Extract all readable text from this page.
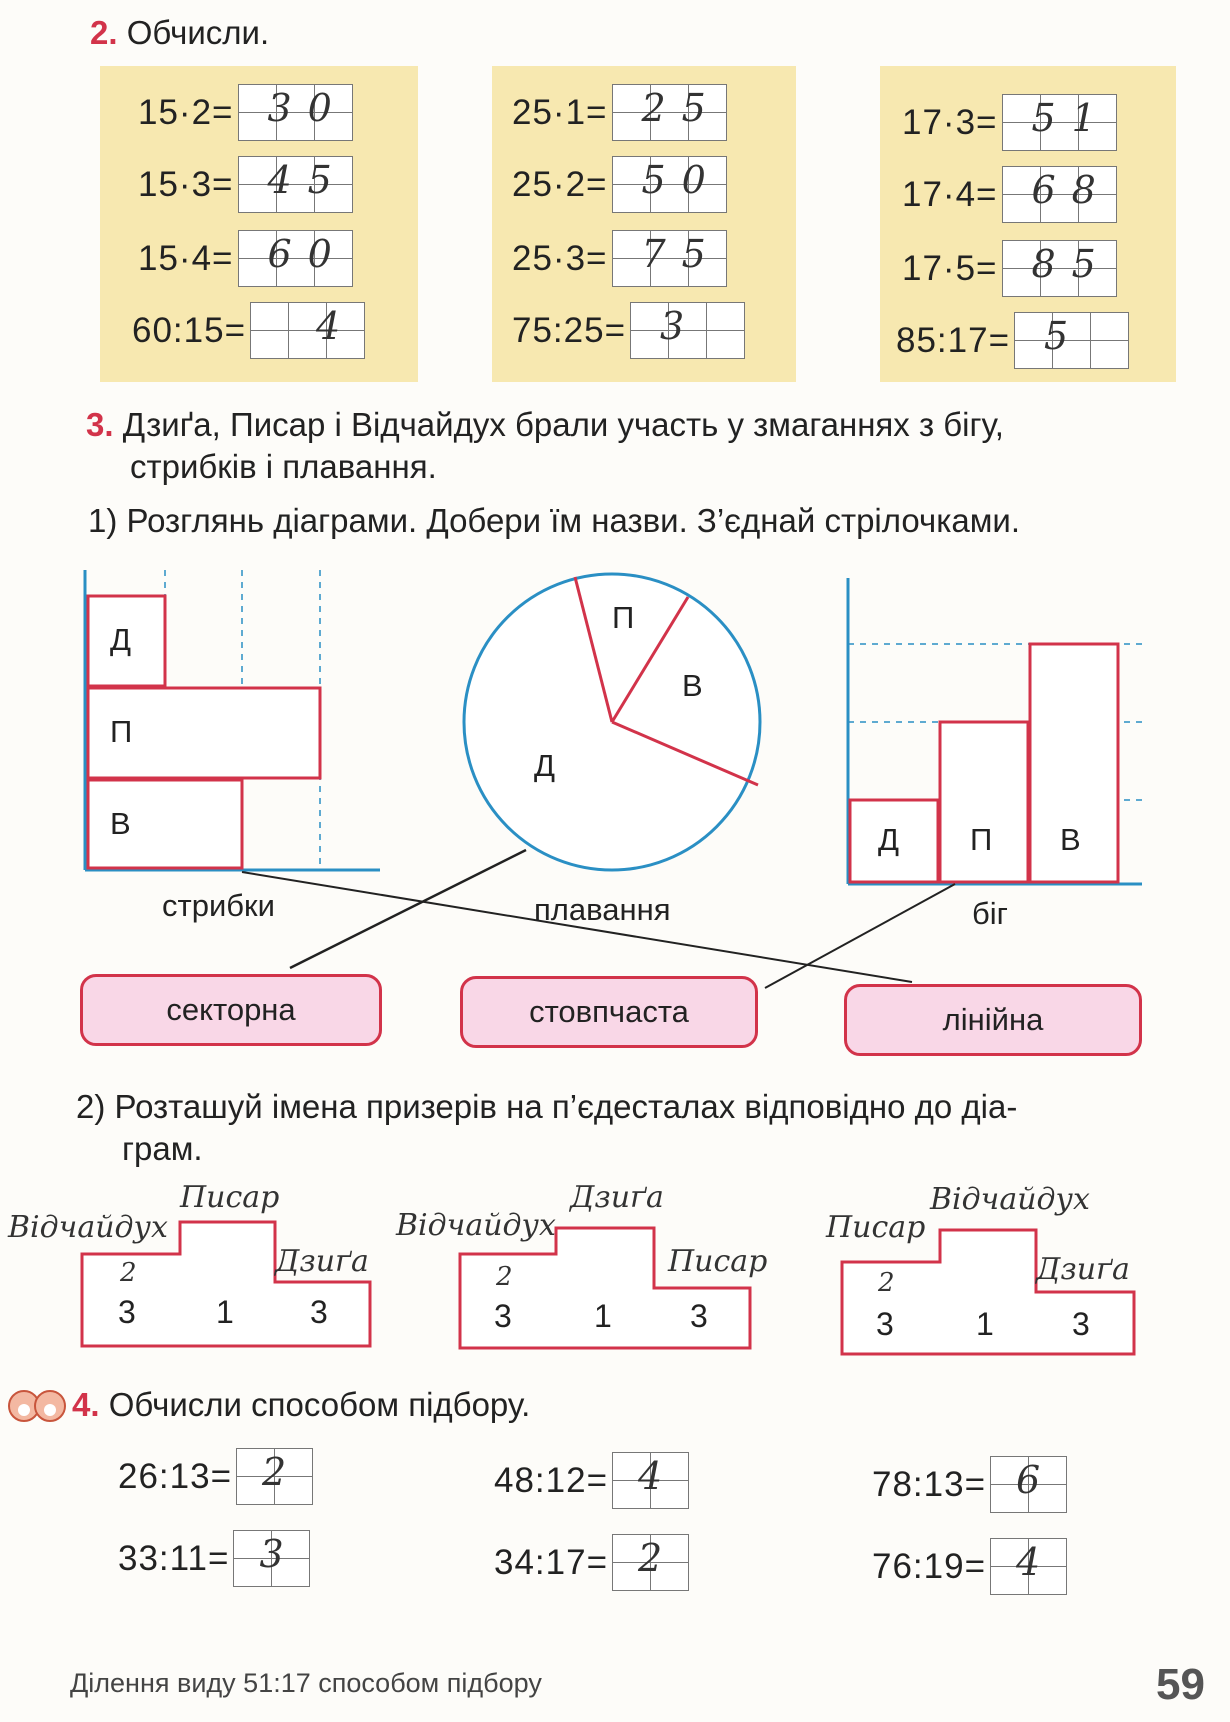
2. Обчисли.
15·2= 30
15·3= 45
15·4= 60
60:15= 4
25·1= 25
25·2= 50
25·3= 75
75:25= 3
17·3= 51
17·4= 68
17·5= 85
85:17= 5
3. Дзиґа, Писар і Відчайдух брали участь у змаганнях з бігу,
стрибків і плавання.
1) Розглянь діаграми. Добери їм назви. З’єднай стрілочками.
Д
П
В
П
В
Д
Д П В
стрибки	плавання	біг
секторна	стовпчаста	лінійна
2) Розташуй імена призерів на п’єдесталах відповідно до діа-
грам.
2
3	1 3
Відчайдух
Писар
Дзиґа	2
3	1 3
Відчайдух
Дзиґа
Писар
2
3	1 3
Писар
Відчайдух
Дзиґа
4. Обчисли способом підбору.
26:13= 2	48:12= 4	78:13= 6
33:11= 3	34:17= 2	76:19= 4
Ділення виду 51:17 способом підбору	59
